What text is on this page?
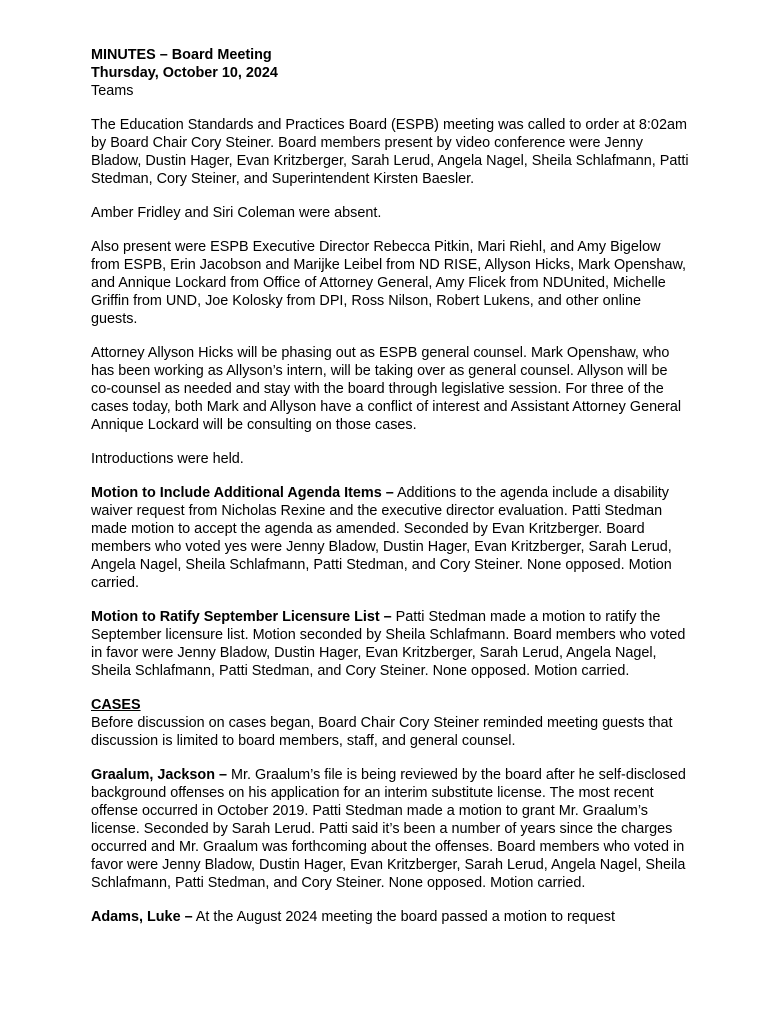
MINUTES – Board Meeting
Thursday, October 10, 2024
Teams

The Education Standards and Practices Board (ESPB) meeting was called to order at 8:02am by Board Chair Cory Steiner. Board members present by video conference were Jenny Bladow, Dustin Hager, Evan Kritzberger, Sarah Lerud, Angela Nagel, Sheila Schlafmann, Patti Stedman, Cory Steiner, and Superintendent Kirsten Baesler.

Amber Fridley and Siri Coleman were absent.

Also present were ESPB Executive Director Rebecca Pitkin, Mari Riehl, and Amy Bigelow from ESPB, Erin Jacobson and Marijke Leibel from ND RISE, Allyson Hicks, Mark Openshaw, and Annique Lockard from Office of Attorney General, Amy Flicek from NDUnited, Michelle Griffin from UND, Joe Kolosky from DPI, Ross Nilson, Robert Lukens, and other online guests.

Attorney Allyson Hicks will be phasing out as ESPB general counsel. Mark Openshaw, who has been working as Allyson’s intern, will be taking over as general counsel. Allyson will be co-counsel as needed and stay with the board through legislative session. For three of the cases today, both Mark and Allyson have a conflict of interest and Assistant Attorney General Annique Lockard will be consulting on those cases.

Introductions were held.

Motion to Include Additional Agenda Items – Additions to the agenda include a disability waiver request from Nicholas Rexine and the executive director evaluation. Patti Stedman made motion to accept the agenda as amended. Seconded by Evan Kritzberger. Board members who voted yes were Jenny Bladow, Dustin Hager, Evan Kritzberger, Sarah Lerud, Angela Nagel, Sheila Schlafmann, Patti Stedman, and Cory Steiner. None opposed. Motion carried.

Motion to Ratify September Licensure List – Patti Stedman made a motion to ratify the September licensure list. Motion seconded by Sheila Schlafmann. Board members who voted in favor were Jenny Bladow, Dustin Hager, Evan Kritzberger, Sarah Lerud, Angela Nagel, Sheila Schlafmann, Patti Stedman, and Cory Steiner. None opposed. Motion carried.

CASES

Before discussion on cases began, Board Chair Cory Steiner reminded meeting guests that discussion is limited to board members, staff, and general counsel.

Graalum, Jackson – Mr. Graalum’s file is being reviewed by the board after he self-disclosed background offenses on his application for an interim substitute license. The most recent offense occurred in October 2019. Patti Stedman made a motion to grant Mr. Graalum’s license. Seconded by Sarah Lerud. Patti said it’s been a number of years since the charges occurred and Mr. Graalum was forthcoming about the offenses. Board members who voted in favor were Jenny Bladow, Dustin Hager, Evan Kritzberger, Sarah Lerud, Angela Nagel, Sheila Schlafmann, Patti Stedman, and Cory Steiner. None opposed. Motion carried.

Adams, Luke – At the August 2024 meeting the board passed a motion to request
